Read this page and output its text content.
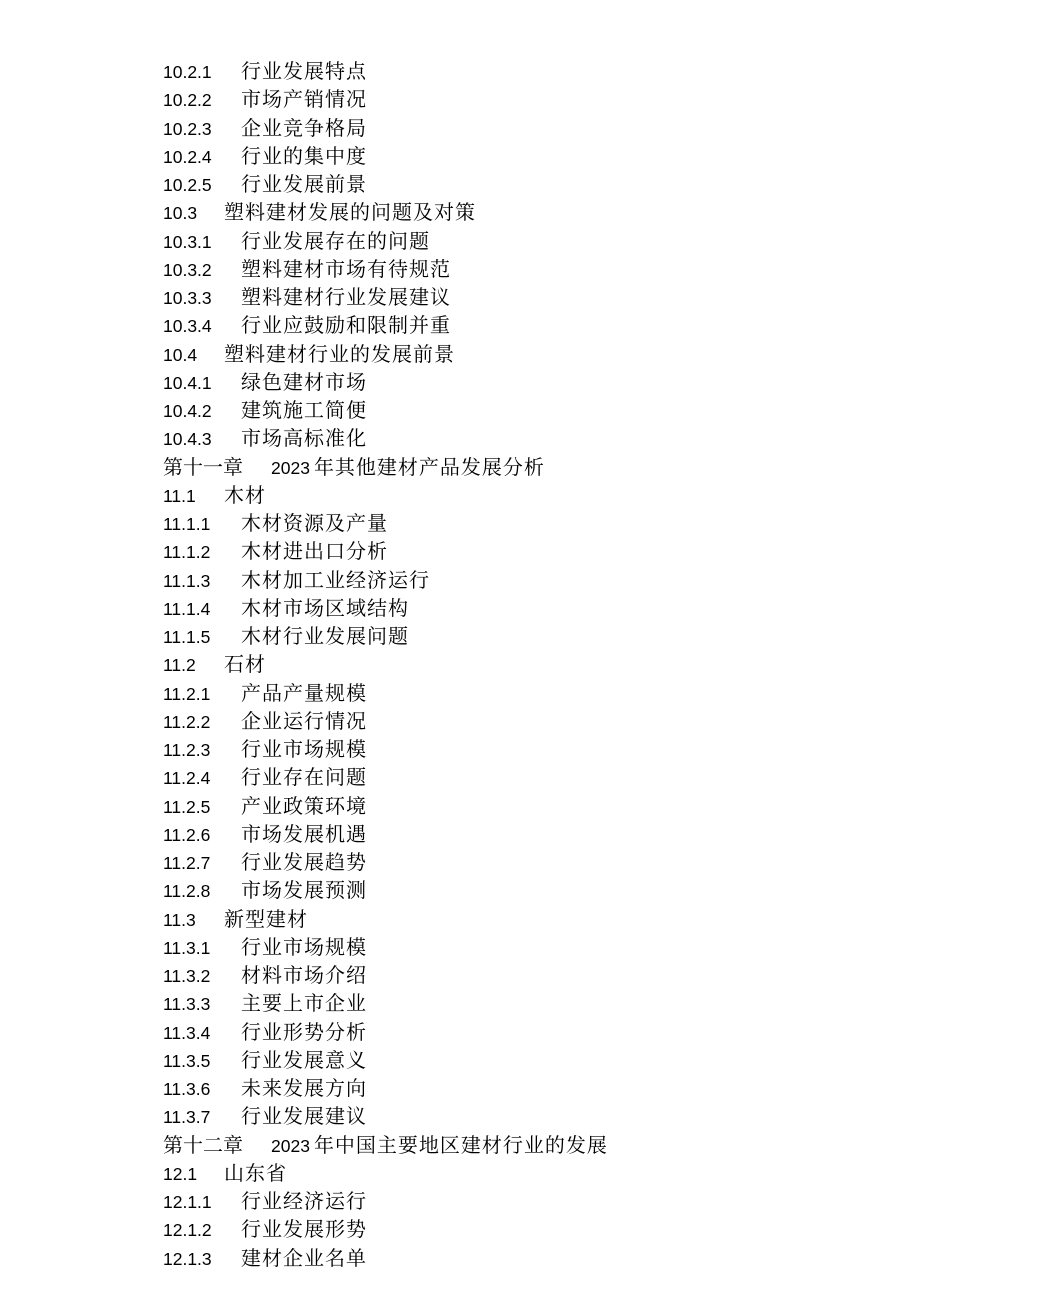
10.2.1 行业发展特点
10.2.2 市场产销情况
10.2.3 企业竞争格局
10.2.4 行业的集中度
10.2.5 行业发展前景
10.3 塑料建材发展的问题及对策
10.3.1 行业发展存在的问题
10.3.2 塑料建材市场有待规范
10.3.3 塑料建材行业发展建议
10.3.4 行业应鼓励和限制并重
10.4 塑料建材行业的发展前景
10.4.1 绿色建材市场
10.4.2 建筑施工简便
10.4.3 市场高标准化
第十一章 2023 年其他建材产品发展分析
11.1 木材
11.1.1 木材资源及产量
11.1.2 木材进出口分析
11.1.3 木材加工业经济运行
11.1.4 木材市场区域结构
11.1.5 木材行业发展问题
11.2 石材
11.2.1 产品产量规模
11.2.2 企业运行情况
11.2.3 行业市场规模
11.2.4 行业存在问题
11.2.5 产业政策环境
11.2.6 市场发展机遇
11.2.7 行业发展趋势
11.2.8 市场发展预测
11.3 新型建材
11.3.1 行业市场规模
11.3.2 材料市场介绍
11.3.3 主要上市企业
11.3.4 行业形势分析
11.3.5 行业发展意义
11.3.6 未来发展方向
11.3.7 行业发展建议
第十二章 2023 年中国主要地区建材行业的发展
12.1 山东省
12.1.1 行业经济运行
12.1.2 行业发展形势
12.1.3 建材企业名单
